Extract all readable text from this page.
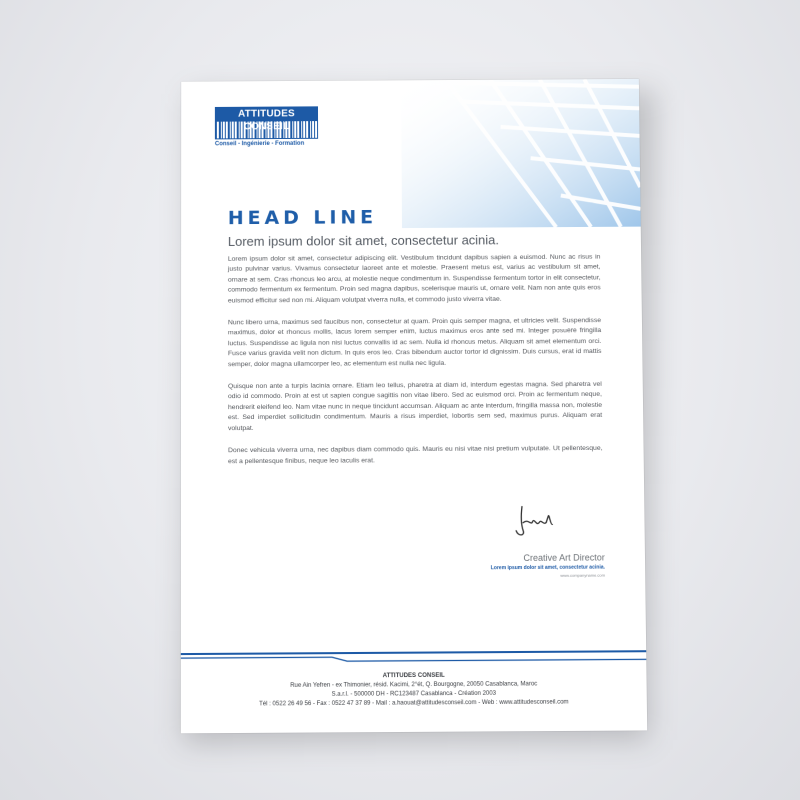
ATTITUDES CONSEIL
Conseil - Ingénierie - Formation
HEAD LINE

Lorem ipsum dolor sit amet, consectetur acinia.

Lorem ipsum dolor sit amet, consectetur adipiscing elit. Vestibulum tincidunt dapibus sapien a euismod. Nunc ac risus in justo pulvinar varius. Vivamus consectetur laoreet ante et molestie. Praesent metus est, varius ac vestibulum sit amet, ornare at sem. Cras rhoncus leo arcu, at molestie neque condimentum in. Suspendisse fermentum tortor in elit consectetur, commodo fermentum ex fermentum. Proin sed magna dapibus, scelerisque mauris ut, ornare velit. Nam non ante quis eros euismod efficitur sed non mi. Aliquam volutpat viverra nulla, et commodo justo viverra vitae.

Nunc libero urna, maximus sed faucibus non, consectetur at quam. Proin quis semper magna, et ultricies velit. Suspendisse maximus, dolor et rhoncus mollis, lacus lorem semper enim, luctus maximus eros ante sed mi. Integer posuere fringilla luctus. Suspendisse ac ligula non nisi luctus convallis id ac sem. Nulla id rhoncus metus. Aliquam sit amet elementum orci. Fusce varius gravida velit non dictum. In quis eros leo. Cras bibendum auctor tortor id dignissim. Duis cursus, erat id mattis semper, dolor magna ullamcorper leo, ac elementum est nulla nec ligula.

Quisque non ante a turpis lacinia ornare. Etiam leo tellus, pharetra at diam id, interdum egestas magna. Sed pharetra vel odio id commodo. Proin at est ut sapien congue sagittis non vitae libero. Sed ac euismod orci. Proin ac fermentum neque, hendrerit eleifend leo. Nam vitae nunc in neque tincidunt accumsan. Aliquam ac ante interdum, fringilla massa non, molestie est. Sed imperdiet sollicitudin condimentum. Mauris a risus imperdiet, lobortis sem sed, maximus purus. Aliquam erat volutpat.

Donec vehicula viverra urna, nec dapibus diam commodo quis. Mauris eu nisi vitae nisi pretium vulputate. Ut pellentesque, est a pellentesque finibus, neque leo iaculis erat.

Creative Art Director
Lorem ipsum dolor sit amet, consectetur acinia.
www.companyname.com
ATTITUDES CONSEIL
Rue Ain Yefren - ex Thimonier, résid. Kacimi, 2°ét, Q. Bourgogne, 20050 Casablanca, Maroc
S.a.r.l. - 500000 DH - RC123487 Casablanca - Création 2003
Tél : 0522 26 49 56 - Fax : 0522 47 37 89 - Mail : a.haouat@attitudesconseil.com - Web : www.attitudesconseil.com
